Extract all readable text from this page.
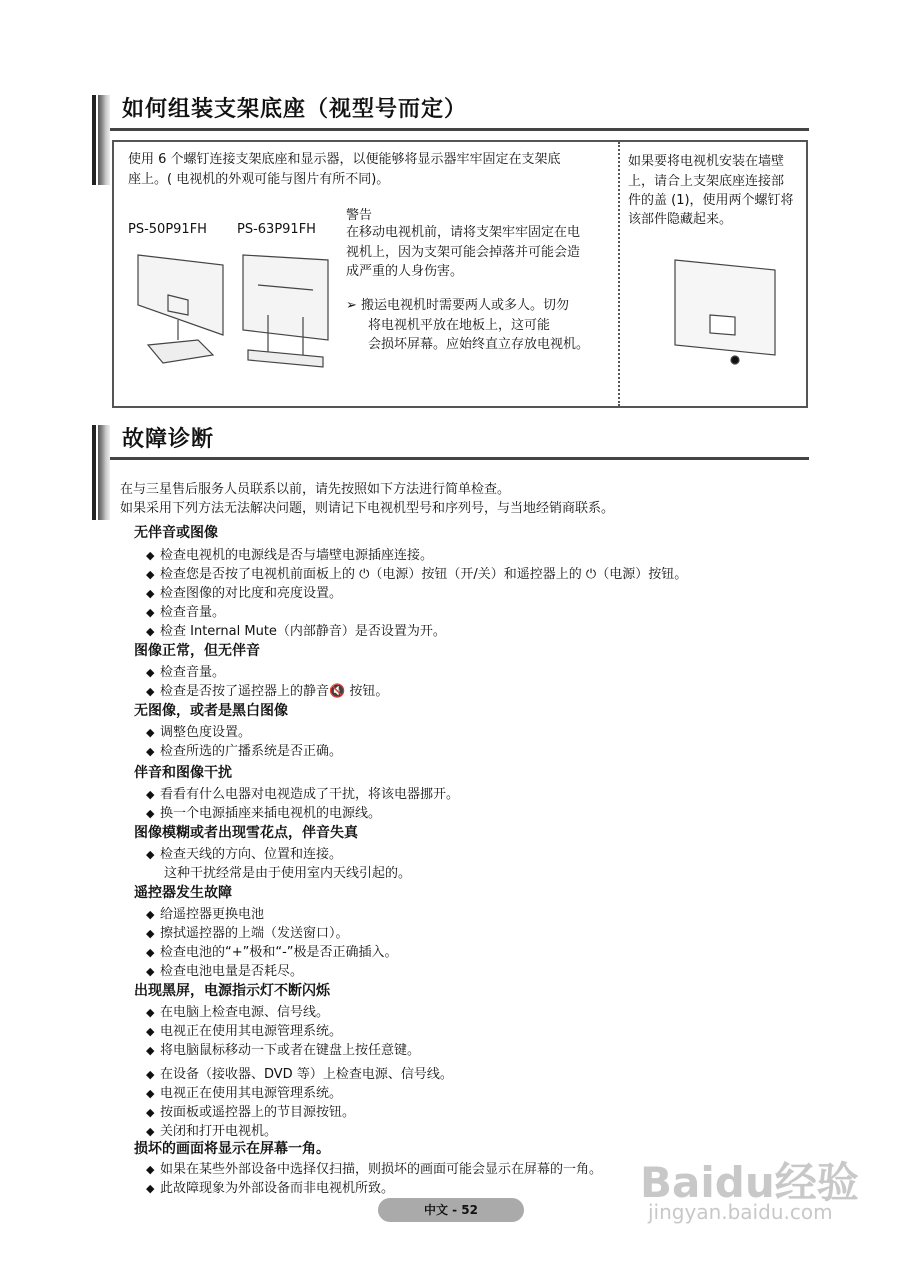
如何组装支架底座（视型号而定）
使用 6 个螺钉连接支架底座和显示器，以便能够将显示器牢牢固定在支架底
座上。( 电视机的外观可能与图片有所不同)。
PS-50P91FH PS-63P91FH
警告
在移动电视机前，请将支架牢牢固定在电
视机上，因为支架可能会掉落并可能会造
成严重的人身伤害。
➢ 搬运电视机时需要两人或多人。切勿
将电视机平放在地板上，这可能
会损坏屏幕。应始终直立存放电视机。
如果要将电视机安装在墙壁
上，请合上支架底座连接部
件的盖 (1)，使用两个螺钉将
该部件隐藏起来。
故障诊断
在与三星售后服务人员联系以前，请先按照如下方法进行简单检查。
如果采用下列方法无法解决问题，则请记下电视机型号和序列号，与当地经销商联系。
无伴音或图像
◆ 检查电视机的电源线是否与墙壁电源插座连接。
◆ 检查您是否按了电视机前面板上的 ⏻（电源）按钮（开/关）和遥控器上的 ⏻（电源）按钮。
◆ 检查图像的对比度和亮度设置。
◆ 检查音量。
◆ 检查 Internal Mute（内部静音）是否设置为开。
图像正常，但无伴音
◆ 检查音量。
◆ 检查是否按了遥控器上的静音🔇 按钮。
无图像，或者是黑白图像
◆ 调整色度设置。
◆ 检查所选的广播系统是否正确。
伴音和图像干扰
◆ 看看有什么电器对电视造成了干扰，将该电器挪开。
◆ 换一个电源插座来插电视机的电源线。
图像模糊或者出现雪花点，伴音失真
◆ 检查天线的方向、位置和连接。
这种干扰经常是由于使用室内天线引起的。
遥控器发生故障
◆ 给遥控器更换电池
◆ 擦拭遥控器的上端（发送窗口）。
◆ 检查电池的“+”极和“-”极是否正确插入。
◆ 检查电池电量是否耗尽。
出现黑屏，电源指示灯不断闪烁
◆ 在电脑上检查电源、信号线。
◆ 电视正在使用其电源管理系统。
◆ 将电脑鼠标移动一下或者在键盘上按任意键。
◆ 在设备（接收器、DVD 等）上检查电源、信号线。
◆ 电视正在使用其电源管理系统。
◆ 按面板或遥控器上的节目源按钮。
◆ 关闭和打开电视机。
损坏的画面将显示在屏幕一角。
◆ 如果在某些外部设备中选择仅扫描，则损坏的画面可能会显示在屏幕的一角。
◆ 此故障现象为外部设备而非电视机所致。
中文 - 52
Baidu经验
jingyan.baidu.com
